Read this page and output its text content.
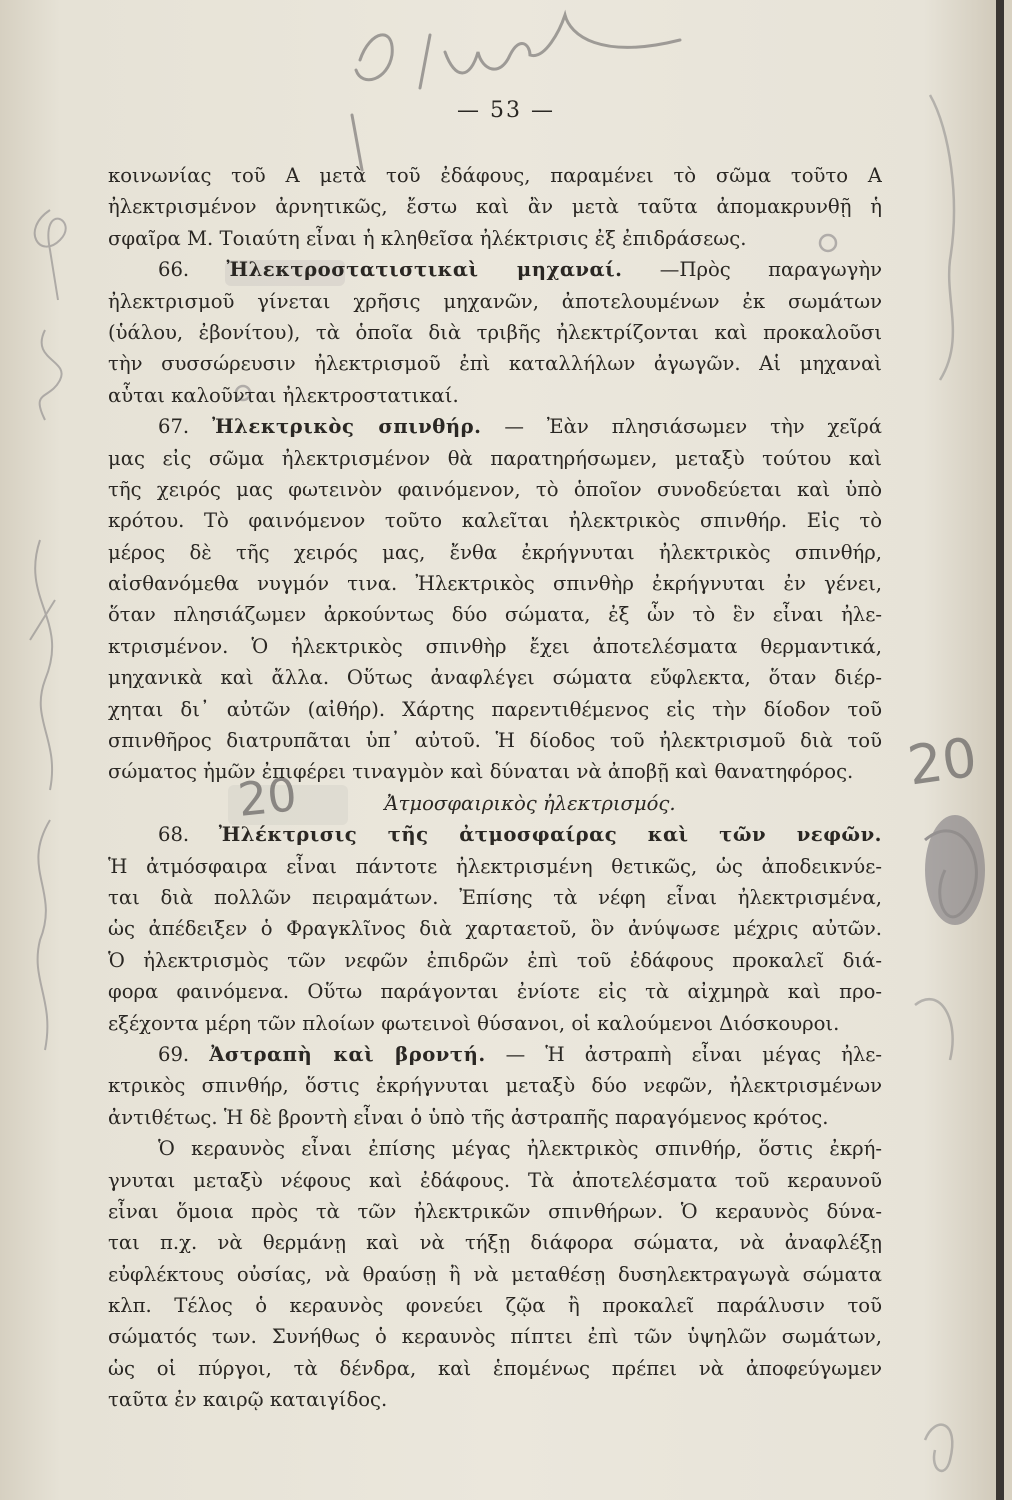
20	20
— 53 —
κοινωνίας τοῦ Α μετὰ τοῦ ἐδάφους, παραμένει τὸ σῶμα τοῦτο Α
ἠλεκτρισμένον ἀρνητικῶς, ἔστω καὶ ἂν μετὰ ταῦτα ἀπομακρυνθῇ ἡ
σφαῖρα Μ. Τοιαύτη εἶναι ἡ κληθεῖσα ἠλέκτρισις ἐξ ἐπιδράσεως.
66. Ἠλεκτροστατιστικαὶ μηχαναί. —Πρὸς παραγωγὴν
ἠλεκτρισμοῦ γίνεται χρῆσις μηχανῶν, ἀποτελουμένων ἐκ σωμάτων
(ὑάλου, ἐβονίτου), τὰ ὁποῖα διὰ τριβῆς ἠλεκτρίζονται καὶ προκαλοῦσι
τὴν συσσώρευσιν ἠλεκτρισμοῦ ἐπὶ καταλλήλων ἀγωγῶν. Αἱ μηχαναὶ
αὗται καλοῦνται ἠλεκτροστατικαί.
67. Ἠλεκτρικὸς σπινθήρ. — Ἐὰν πλησιάσωμεν τὴν χεῖρά
μας εἰς σῶμα ἠλεκτρισμένον θὰ παρατηρήσωμεν, μεταξὺ τούτου καὶ
τῆς χειρός μας φωτεινὸν φαινόμενον, τὸ ὁποῖον συνοδεύεται καὶ ὑπὸ
κρότου. Τὸ φαινόμενον τοῦτο καλεῖται ἠλεκτρικὸς σπινθήρ. Εἰς τὸ
μέρος δὲ τῆς χειρός μας, ἔνθα ἐκρήγνυται ἠλεκτρικὸς σπινθήρ,
αἰσθανόμεθα νυγμόν τινα. Ἠλεκτρικὸς σπινθὴρ ἐκρήγνυται ἐν γένει,
ὅταν πλησιάζωμεν ἀρκούντως δύο σώματα, ἐξ ὧν τὸ ἓν εἶναι ἠλε-
κτρισμένον. Ὁ ἠλεκτρικὸς σπινθὴρ ἔχει ἀποτελέσματα θερμαντικά,
μηχανικὰ καὶ ἄλλα. Οὕτως ἀναφλέγει σώματα εὔφλεκτα, ὅταν διέρ-
χηται δι᾽ αὐτῶν (αἰθήρ). Χάρτης παρεντιθέμενος εἰς τὴν δίοδον τοῦ
σπινθῆρος διατρυπᾶται ὑπ᾽ αὐτοῦ. Ἡ δίοδος τοῦ ἠλεκτρισμοῦ διὰ τοῦ
σώματος ἡμῶν ἐπιφέρει τιναγμὸν καὶ δύναται νὰ ἀποβῇ καὶ θανατηφόρος.
Ἀτμοσφαιρικὸς ἠλεκτρισμός.
68. Ἠλέκτρισις τῆς ἀτμοσφαίρας καὶ τῶν νεφῶν.
Ἡ ἀτμόσφαιρα εἶναι πάντοτε ἠλεκτρισμένη θετικῶς, ὡς ἀποδεικνύε-
ται διὰ πολλῶν πειραμάτων. Ἐπίσης τὰ νέφη εἶναι ἠλεκτρισμένα,
ὡς ἀπέδειξεν ὁ Φραγκλῖνος διὰ χαρταετοῦ, ὃν ἀνύψωσε μέχρις αὐτῶν.
Ὁ ἠλεκτρισμὸς τῶν νεφῶν ἐπιδρῶν ἐπὶ τοῦ ἐδάφους προκαλεῖ διά-
φορα φαινόμενα. Οὕτω παράγονται ἐνίοτε εἰς τὰ αἰχμηρὰ καὶ προ-
εξέχοντα μέρη τῶν πλοίων φωτεινοὶ θύσανοι, οἱ καλούμενοι Διόσκουροι.
69. Ἀστραπὴ καὶ βροντή. — Ἡ ἀστραπὴ εἶναι μέγας ἠλε-
κτρικὸς σπινθήρ, ὅστις ἐκρήγνυται μεταξὺ δύο νεφῶν, ἠλεκτρισμένων
ἀντιθέτως. Ἡ δὲ βροντὴ εἶναι ὁ ὑπὸ τῆς ἀστραπῆς παραγόμενος κρότος.
Ὁ κεραυνὸς εἶναι ἐπίσης μέγας ἠλεκτρικὸς σπινθήρ, ὅστις ἐκρή-
γνυται μεταξὺ νέφους καὶ ἐδάφους. Τὰ ἀποτελέσματα τοῦ κεραυνοῦ
εἶναι ὅμοια πρὸς τὰ τῶν ἠλεκτρικῶν σπινθήρων. Ὁ κεραυνὸς δύνα-
ται π.χ. νὰ θερμάνῃ καὶ νὰ τήξῃ διάφορα σώματα, νὰ ἀναφλέξῃ
εὐφλέκτους οὐσίας, νὰ θραύσῃ ἢ νὰ μεταθέσῃ δυσηλεκτραγωγὰ σώματα
κλπ. Τέλος ὁ κεραυνὸς φονεύει ζῷα ἢ προκαλεῖ παράλυσιν τοῦ
σώματός των. Συνήθως ὁ κεραυνὸς πίπτει ἐπὶ τῶν ὑψηλῶν σωμάτων,
ὡς οἱ πύργοι, τὰ δένδρα, καὶ ἑπομένως πρέπει νὰ ἀποφεύγωμεν
ταῦτα ἐν καιρῷ καταιγίδος.
